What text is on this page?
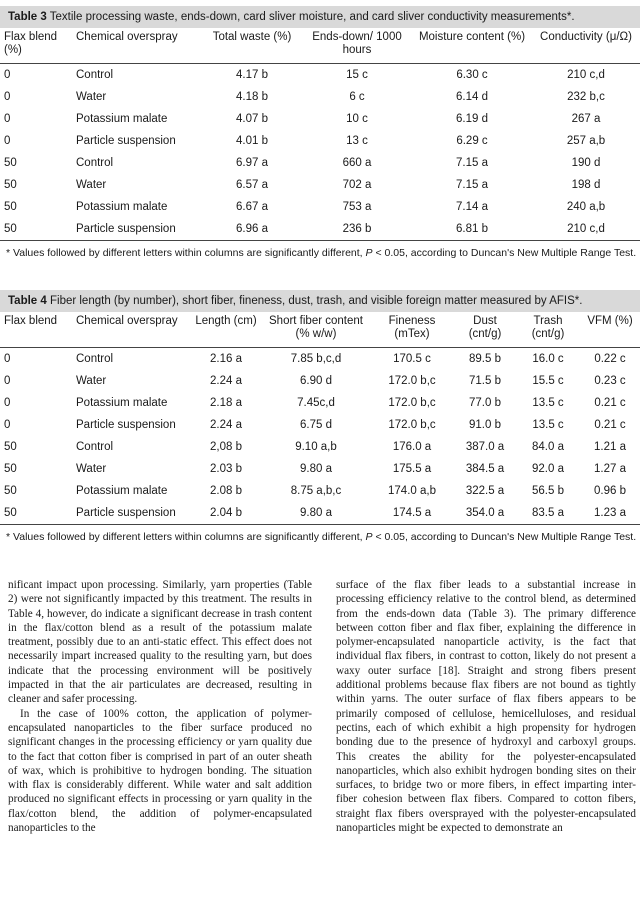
Table 3 Textile processing waste, ends-down, card sliver moisture, and card sliver conductivity measurements*.
Flax blend (%)	Chemical overspray	Total waste (%)	Ends-down/ 1000 hours	Moisture content (%)	Conductivity (μ/Ω)
0	Control	4.17 b	15 c	6.30 c	210 c,d
0	Water	4.18 b	6 c	6.14 d	232 b,c
0	Potassium malate	4.07 b	10 c	6.19 d	267 a
0	Particle suspension	4.01 b	13 c	6.29 c	257 a,b
50	Control	6.97 a	660 a	7.15 a	190 d
50	Water	6.57 a	702 a	7.15 a	198 d
50	Potassium malate	6.67 a	753 a	7.14 a	240 a,b
50	Particle suspension	6.96 a	236 b	6.81 b	210 c,d
* Values followed by different letters within columns are significantly different, P < 0.05, according to Duncan's New Multiple Range Test.
Table 4 Fiber length (by number), short fiber, fineness, dust, trash, and visible foreign matter measured by AFIS*.
Flax blend	Chemical overspray	Length (cm)	Short fiber content (% w/w)	Fineness (mTex)	Dust (cnt/g)	Trash (cnt/g)	VFM (%)
0	Control	2.16 a	7.85 b,c,d	170.5 c	89.5 b	16.0 c	0.22 c
0	Water	2.24 a	6.90 d	172.0 b,c	71.5 b	15.5 c	0.23 c
0	Potassium malate	2.18 a	7.45c,d	172.0 b,c	77.0 b	13.5 c	0.21 c
0	Particle suspension	2.24 a	6.75 d	172.0 b,c	91.0 b	13.5 c	0.21 c
50	Control	2,08 b	9.10 a,b	176.0 a	387.0 a	84.0 a	1.21 a
50	Water	2.03 b	9.80 a	175.5 a	384.5 a	92.0 a	1.27 a
50	Potassium malate	2.08 b	8.75 a,b,c	174.0 a,b	322.5 a	56.5 b	0.96 b
50	Particle suspension	2.04 b	9.80 a	174.5 a	354.0 a	83.5 a	1.23 a
* Values followed by different letters within columns are significantly different, P < 0.05, according to Duncan's New Multiple Range Test.

nificant impact upon processing. Similarly, yarn properties (Table 2) were not significantly impacted by this treatment. The results in Table 4, however, do indicate a significant decrease in trash content in the flax/cotton blend as a result of the potassium malate treatment, possibly due to an anti-static effect. This effect does not necessarily impart increased quality to the resulting yarn, but does indicate that the processing environment will be positively impacted in that the air particulates are decreased, resulting in cleaner and safer processing.

In the case of 100% cotton, the application of polymer-encapsulated nanoparticles to the fiber surface produced no significant changes in the processing efficiency or yarn quality due to the fact that cotton fiber is comprised in part of an outer sheath of wax, which is prohibitive to hydrogen bonding. The situation with flax is considerably different. While water and salt addition produced no significant effects in processing or yarn quality in the flax/cotton blend, the addition of polymer-encapsulated nanoparticles to the

surface of the flax fiber leads to a substantial increase in processing efficiency relative to the control blend, as determined from the ends-down data (Table 3). The primary difference between cotton fiber and flax fiber, explaining the difference in polymer-encapsulated nanoparticle activity, is the fact that individual flax fibers, in contrast to cotton, likely do not present a waxy outer surface [18]. Straight and strong fibers present additional problems because flax fibers are not bound as tightly within yarns. The outer surface of flax fibers appears to be primarily composed of cellulose, hemicelluloses, and residual pectins, each of which exhibit a high propensity for hydrogen bonding due to the presence of hydroxyl and carboxyl groups. This creates the ability for the polyester-encapsulated nanoparticles, which also exhibit hydrogen bonding sites on their surfaces, to bridge two or more fibers, in effect imparting inter-fiber cohesion between flax fibers. Compared to cotton fibers, straight flax fibers oversprayed with the polyester-encapsulated nanoparticles might be expected to demonstrate an
